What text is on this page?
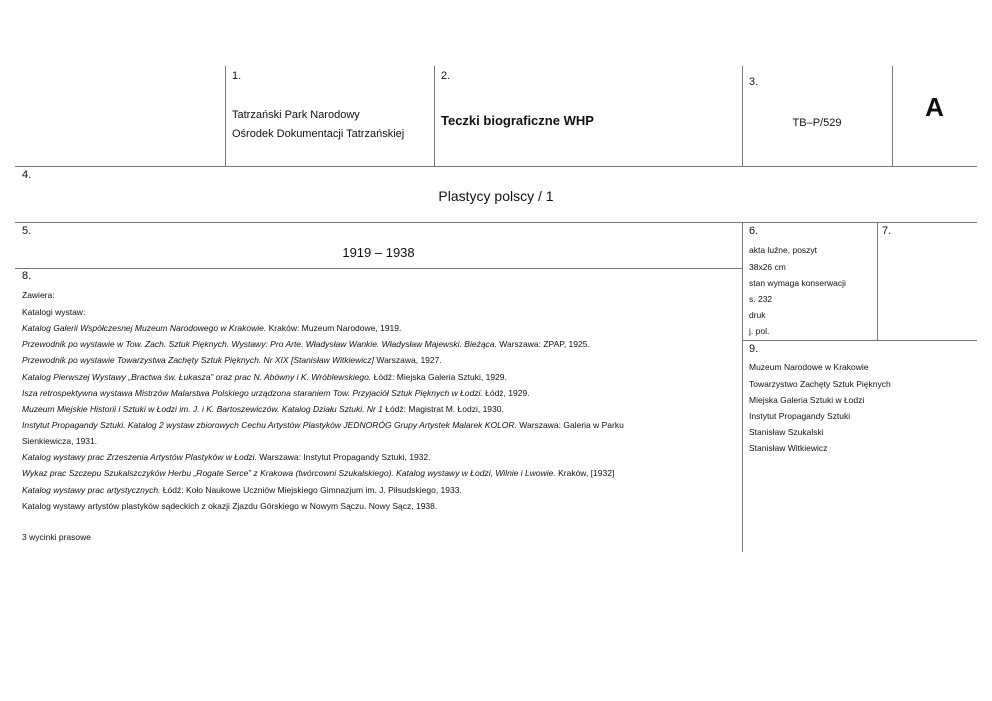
1.
Tatrzański Park Narodowy
Ośrodek Dokumentacji Tatrzańskiej
2.
Teczki biograficzne WHP
3.
TB–P/529
A
4.
Plastycy polscy / 1
5.
1919 – 1938
6.
akta luźne, poszyt
38x26 cm
stan wymaga konserwacji
s. 232
druk
j. pol.
7.
8.
Zawiera:
Katalogi wystaw:
Katalog Galerii Współczesnej Muzeum Narodowego w Krakowie. Kraków: Muzeum Narodowe, 1919.
Przewodnik po wystawie w Tow. Zach. Sztuk Pięknych. Wystawy: Pro Arte. Władysław Wankie. Władysław Majewski. Bieżąca. Warszawa: ZPAP, 1925.
Przewodnik po wystawie Towarzystwa Zachęty Sztuk Pięknych. Nr XIX [Stanisław Witkiewicz] Warszawa, 1927.
Katalog Pierwszej Wystawy „Bractwa św. Łukasza” oraz prac N. Abówny i K. Wróblewskiego. Łódź: Miejska Galeria Sztuki, 1929.
Isza retrospektywna wystawa Mistrzów Malarstwa Polskiego urządzona staraniem Tow. Przyjaciół Sztuk Pięknych w Łodzi. Łódź, 1929.
Muzeum Miejskie Historii i Sztuki w Łodzi im. J. i K. Bartoszewiczów. Katalog Działu Sztuki. Nr 1 Łódź: Magistrat M. Łodzi, 1930.
Instytut Propagandy Sztuki. Katalog 2 wystaw zbiorowych Cechu Artystów Plastyków JEDNORÓG Grupy Artystek Malarek KOLOR. Warszawa: Galeria w Parku
Sienkiewicza, 1931.
Katalog wystawy prac Zrzeszenia Artystów Plastyków w Łodzi. Warszawa: Instytut Propagandy Sztuki, 1932.
Wykaz prac Szczepu Szukalszczyków Herbu „Rogate Serce” z Krakowa (twórcowni Szukalskiego). Katalog wystawy w Łodzi, Wilnie i Lwowie. Kraków, [1932]
Katalog wystawy prac artystycznych. Łódź: Koło Naukowe Uczniów Miejskiego Gimnazjum im. J. Piłsudskiego, 1933.
Katalog wystawy artystów plastyków sądeckich z okazji Zjazdu Górskiego w Nowym Sączu. Nowy Sącz, 1938.
3 wycinki prasowe
9.
Muzeum Narodowe w Krakowie
Towarzystwo Zachęty Sztuk Pięknych
Miejska Galeria Sztuki w Łodzi
Instytut Propagandy Sztuki
Stanisław Szukalski
Stanisław Witkiewicz
